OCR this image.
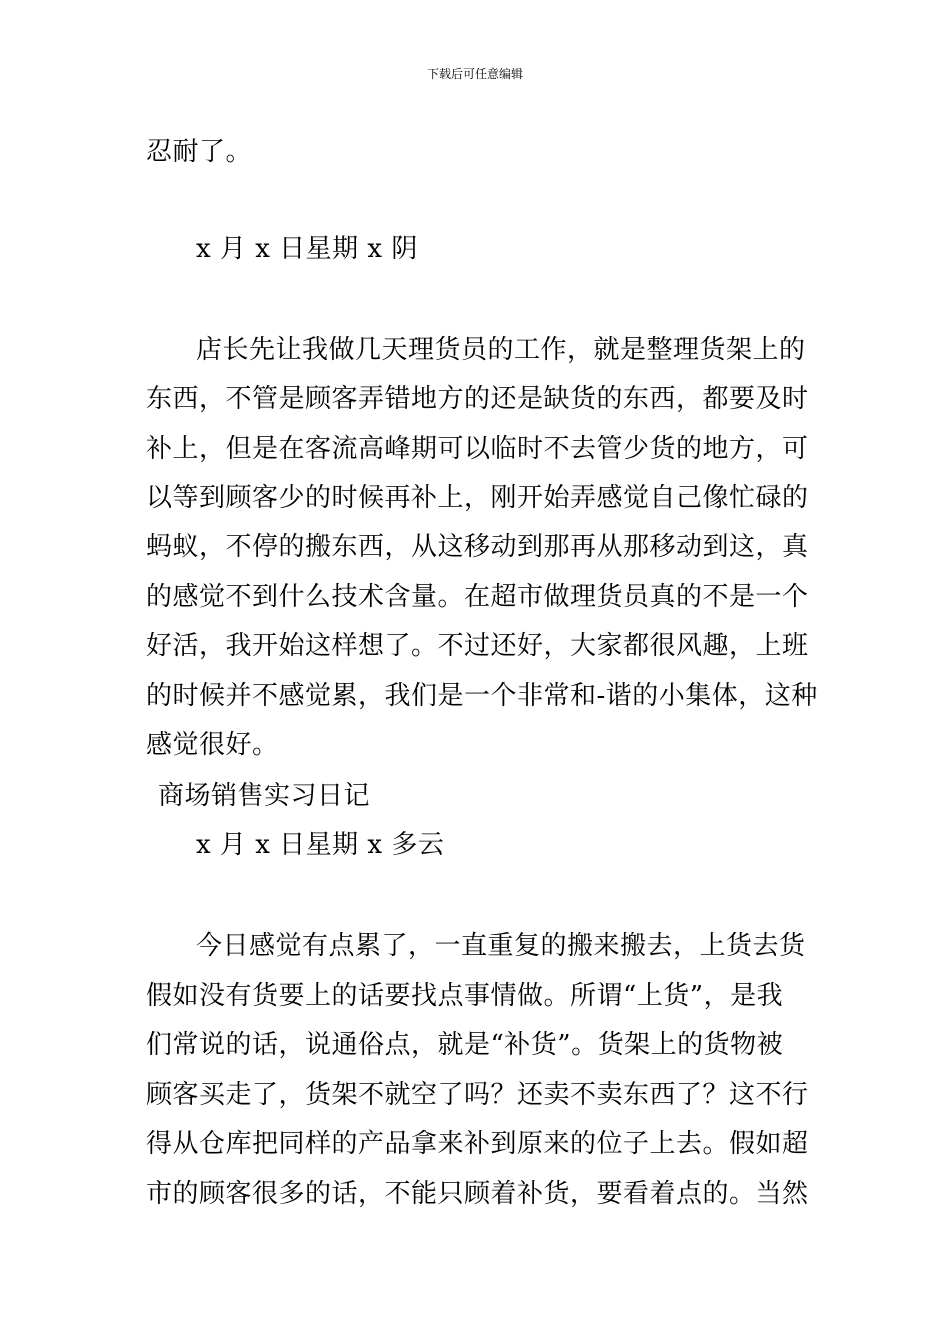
下载后可任意编辑
忍耐了。
x 月 x 日星期 x 阴
店长先让我做几天理货员的工作，就是整理货架上的
东西，不管是顾客弄错地方的还是缺货的东西，都要及时
补上，但是在客流高峰期可以临时不去管少货的地方，可
以等到顾客少的时候再补上，刚开始弄感觉自己像忙碌的
蚂蚁，不停的搬东西，从这移动到那再从那移动到这，真
的感觉不到什么技术含量。在超市做理货员真的不是一个
好活，我开始这样想了。不过还好，大家都很风趣，上班
的时候并不感觉累，我们是一个非常和-谐的小集体，这种
感觉很好。
商场销售实习日记
x 月 x 日星期 x 多云
今日感觉有点累了，一直重复的搬来搬去，上货去货
假如没有货要上的话要找点事情做。所谓“上货”，是我
们常说的话，说通俗点，就是“补货”。货架上的货物被
顾客买走了，货架不就空了吗？还卖不卖东西了？这不行
得从仓库把同样的产品拿来补到原来的位子上去。假如超
市的顾客很多的话，不能只顾着补货，要看着点的。当然
